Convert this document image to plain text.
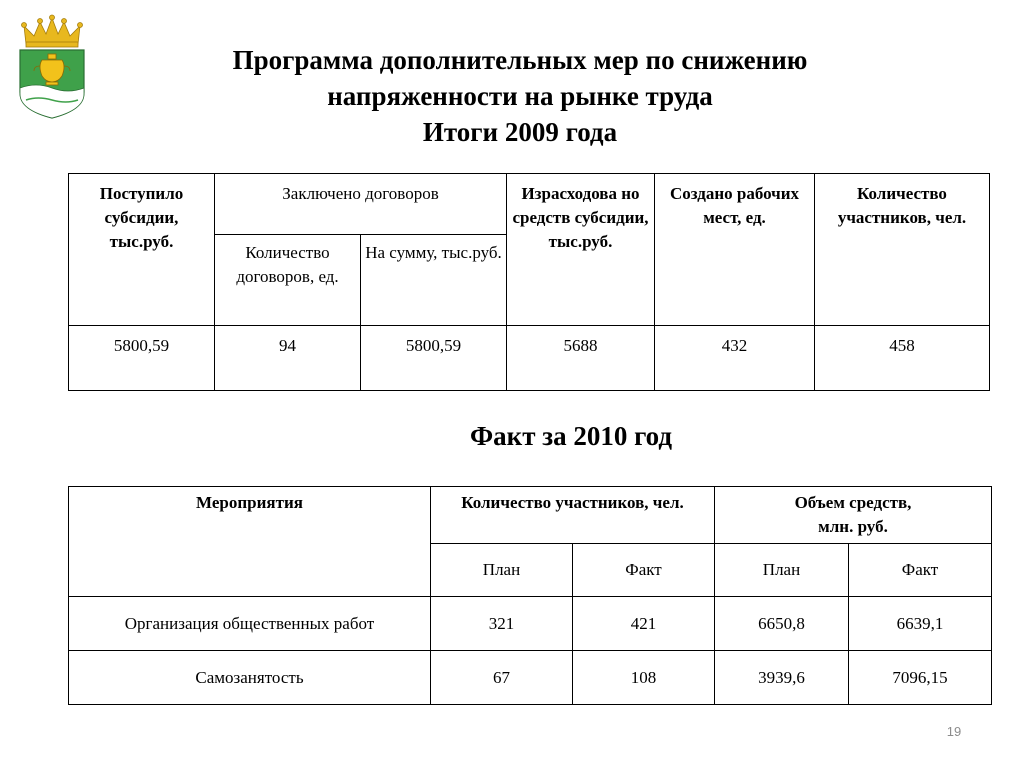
Программа дополнительных мер по снижению
напряженности на рынке труда
Итоги 2009 года
Поступило субсидии, тыс.руб.	Заключено договоров		Израсходова но средств субсидии, тыс.руб.	Создано рабочих мест, ед.	Количество участников, чел.
	Количество договоров, ед.	На сумму, тыс.руб.			
5800,59	94	5800,59	5688	432	458
Факт за 2010 год
Мероприятия	Количество участников, чел.		Объем средств,
млн. руб.	

	План	Факт	План	Факт
Организация общественных работ	321	421	6650,8	6639,1
Самозанятость	67	108	3939,6	7096,15
19
